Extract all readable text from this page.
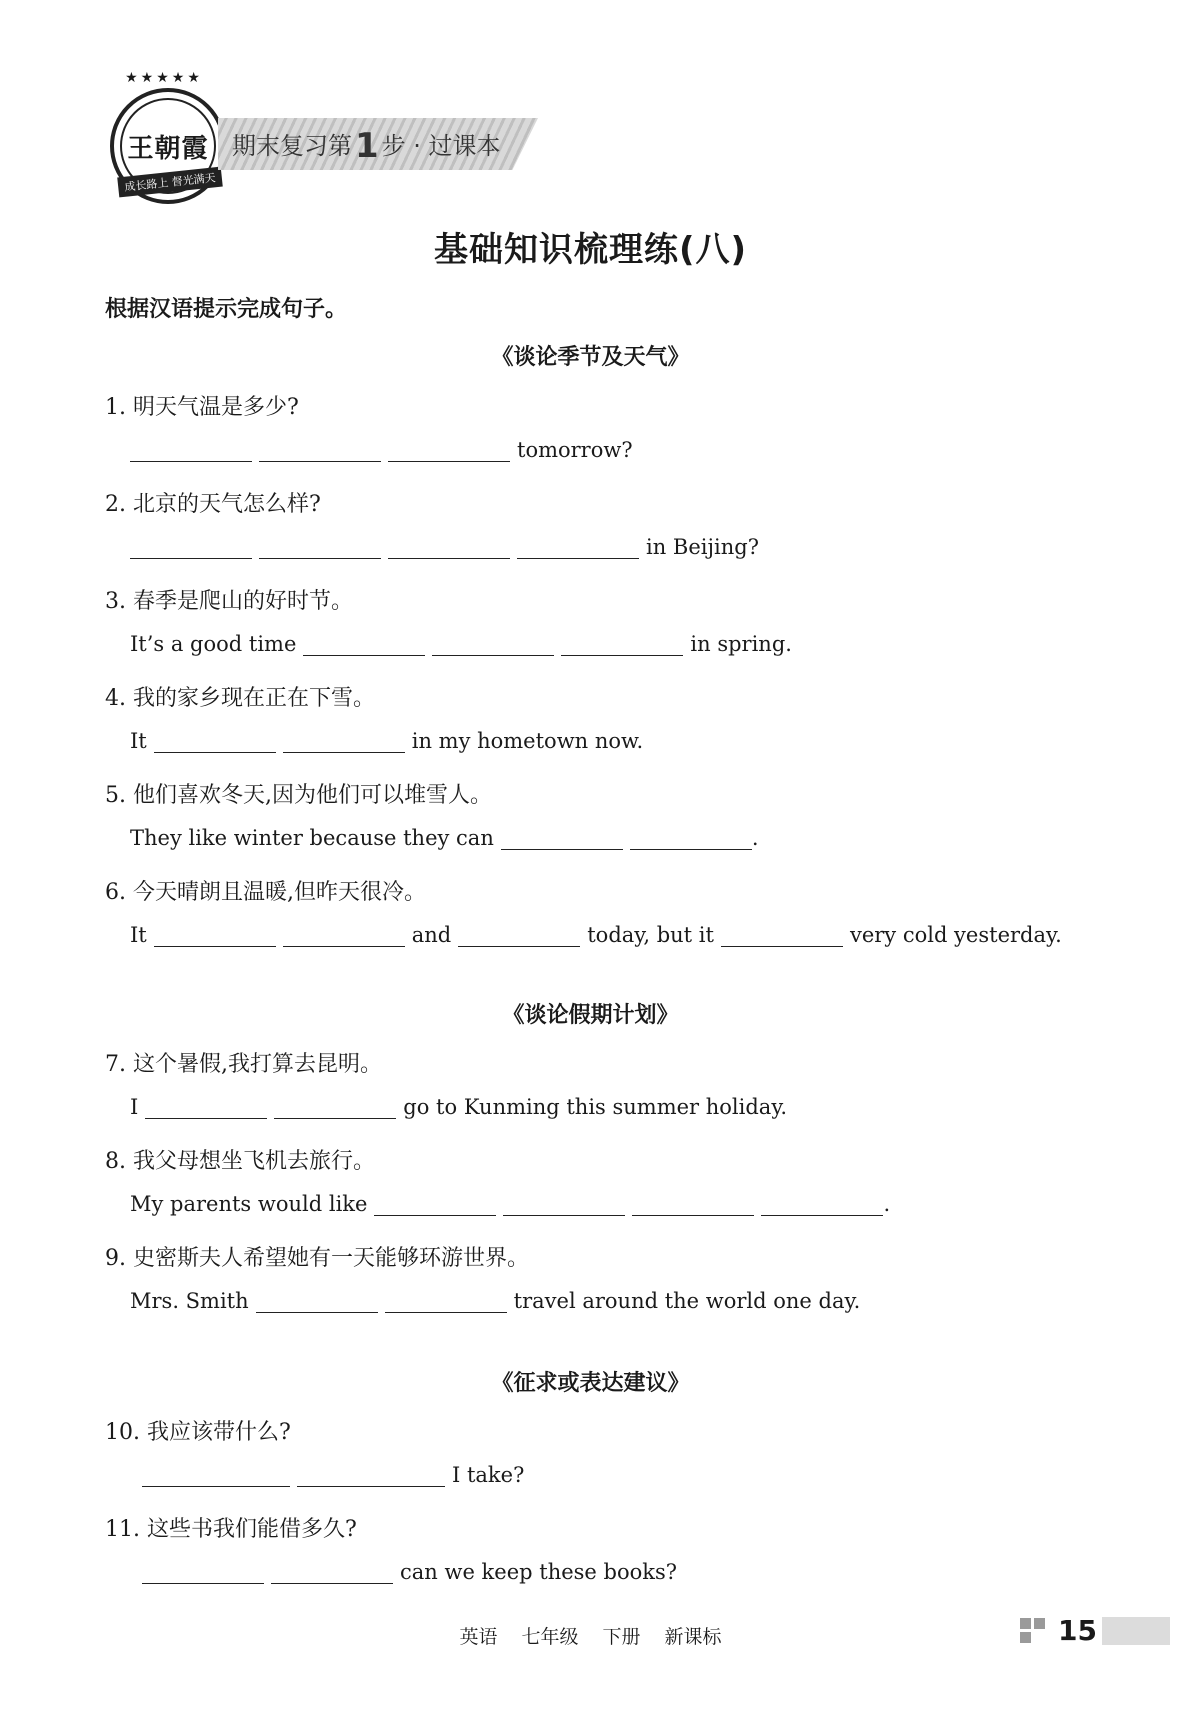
★★★★★
王朝霞
成长路上 督光满天
期末复习第1 步 · 过课本
基础知识梳理练(八)
根据汉语提示完成句子。
《谈论季节及天气》
《谈论假期计划》
《征求或表达建议》
1. 明天气温是多少?
tomorrow?
2. 北京的天气怎么样?
in Beijing?
3. 春季是爬山的好时节。
It’s a good time	in spring.
4. 我的家乡现在正在下雪。
It	in my hometown now.
5. 他们喜欢冬天,因为他们可以堆雪人。
They like winter because they can	.
6. 今天晴朗且温暖,但昨天很冷。
It	and	today, but it	very cold yesterday.
7. 这个暑假,我打算去昆明。
I	go to Kunming this summer holiday.
8. 我父母想坐飞机去旅行。
My parents would like	.
9. 史密斯夫人希望她有一天能够环游世界。
Mrs. Smith	travel around the world one day.
10. 我应该带什么?
I take?
11. 这些书我们能借多久?
can we keep these books?
英语 七年级 下册 新课标	15
